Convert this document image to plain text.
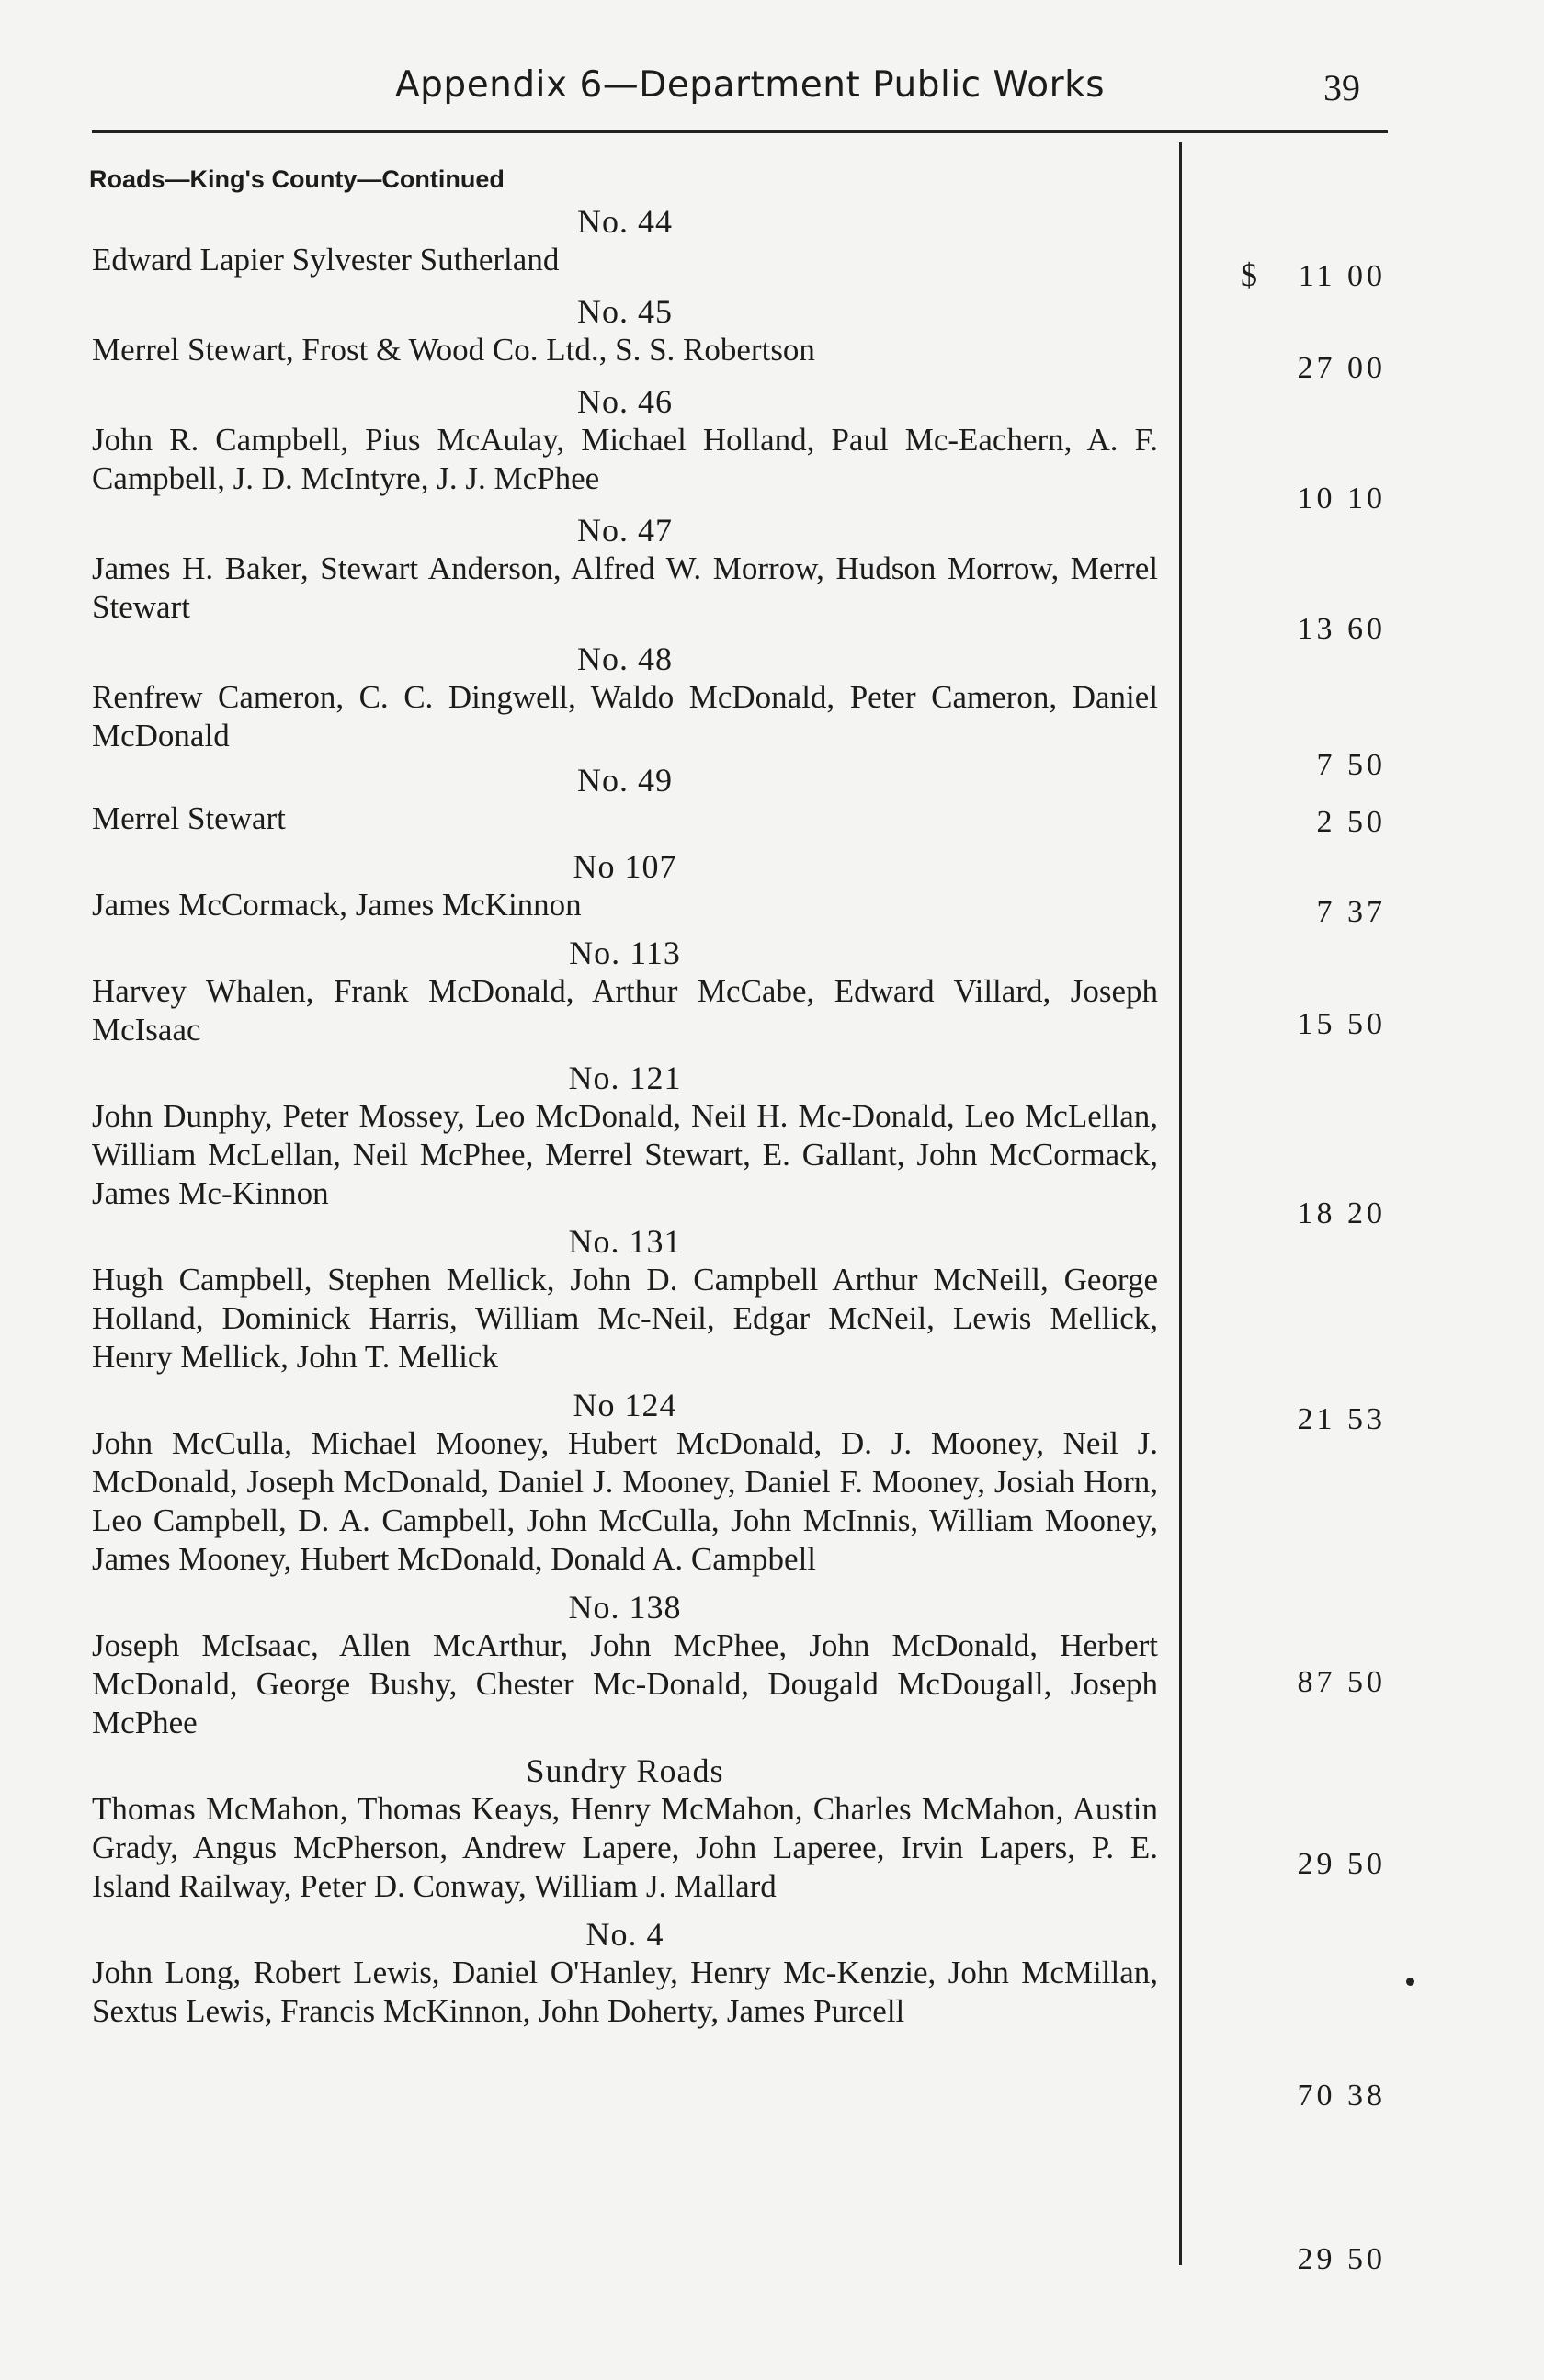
Appendix 6—Department Public Works	39
Roads—King's County—Continued
No. 44
Edward Lapier Sylvester Sutherland
No. 45
Merrel Stewart, Frost & Wood Co. Ltd., S. S. Robertson
No. 46
John R. Campbell, Pius McAulay, Michael Holland, Paul Mc-Eachern, A. F. Campbell, J. D. McIntyre, J. J. McPhee
No. 47
James H. Baker, Stewart Anderson, Alfred W. Morrow, Hudson Morrow, Merrel Stewart
No. 48
Renfrew Cameron, C. C. Dingwell, Waldo McDonald, Peter Cameron, Daniel McDonald
No. 49
Merrel Stewart
No 107
James McCormack, James McKinnon
No. 113
Harvey Whalen, Frank McDonald, Arthur McCabe, Edward Villard, Joseph McIsaac
No. 121
John Dunphy, Peter Mossey, Leo McDonald, Neil H. Mc-Donald, Leo McLellan, William McLellan, Neil McPhee, Merrel Stewart, E. Gallant, John McCormack, James Mc-Kinnon
No. 131
Hugh Campbell, Stephen Mellick, John D. Campbell Arthur McNeill, George Holland, Dominick Harris, William Mc-Neil, Edgar McNeil, Lewis Mellick, Henry Mellick, John T. Mellick
No 124
John McCulla, Michael Mooney, Hubert McDonald, D. J. Mooney, Neil J. McDonald, Joseph McDonald, Daniel J. Mooney, Daniel F. Mooney, Josiah Horn, Leo Campbell, D. A. Campbell, John McCulla, John McInnis, William Mooney, James Mooney, Hubert McDonald, Donald A. Campbell
No. 138
Joseph McIsaac, Allen McArthur, John McPhee, John McDonald, Herbert McDonald, George Bushy, Chester Mc-Donald, Dougald McDougall, Joseph McPhee
Sundry Roads
Thomas McMahon, Thomas Keays, Henry McMahon, Charles McMahon, Austin Grady, Angus McPherson, Andrew Lapere, John Laperee, Irvin Lapers, P. E. Island Railway, Peter D. Conway, William J. Mallard
No. 4
John Long, Robert Lewis, Daniel O'Hanley, Henry Mc-Kenzie, John McMillan, Sextus Lewis, Francis McKinnon, John Doherty, James Purcell
$ 11 00
27 00
10 10
13 60
7 50
2 50
7 37
15 50
18 20
21 53
87 50
29 50
70 38
29 50
